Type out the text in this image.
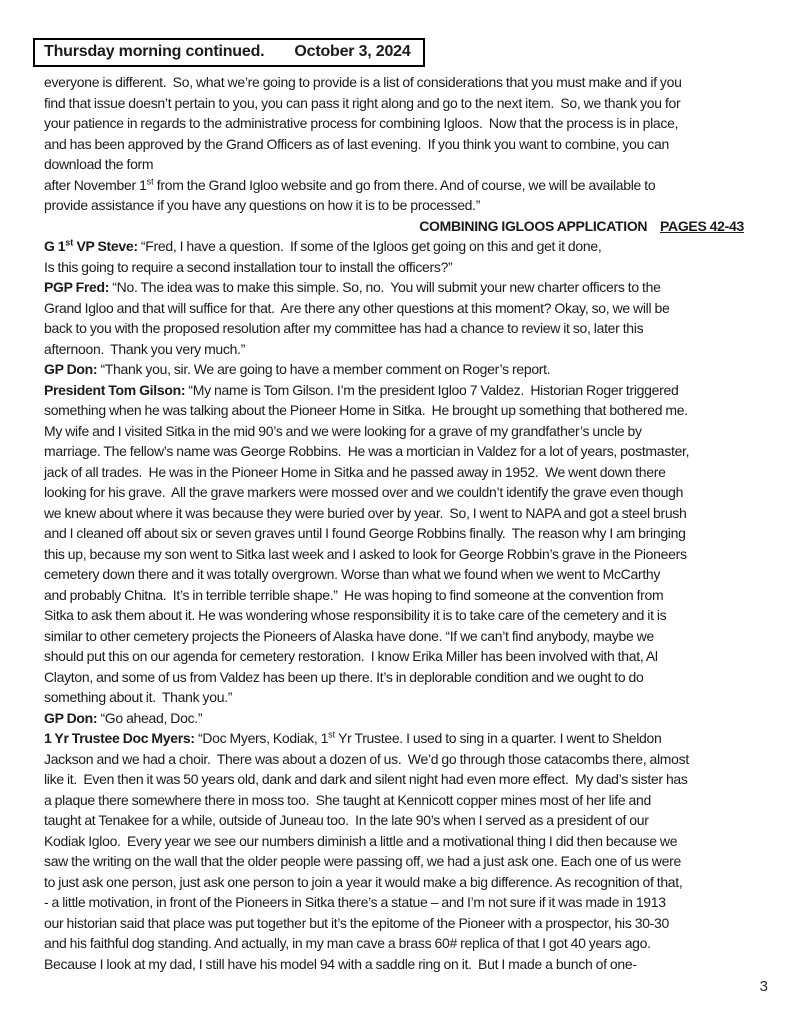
Thursday morning continued. October 3, 2024
everyone is different.  So, what we’re going to provide is a list of considerations that you must make and if you
find that issue doesn’t pertain to you, you can pass it right along and go to the next item.  So, we thank you for
your patience in regards to the administrative process for combining Igloos.  Now that the process is in place,
and has been approved by the Grand Officers as of last evening.  If you think you want to combine, you can
download the form
after November 1st from the Grand Igloo website and go from there. And of course, we will be available to
provide assistance if you have any questions on how it is to be processed.”
COMBINING IGLOOS APPLICATION PAGES 42-43
G 1st VP Steve: “Fred, I have a question.  If some of the Igloos get going on this and get it done,
Is this going to require a second installation tour to install the officers?”
PGP Fred: “No. The idea was to make this simple. So, no.  You will submit your new charter officers to the
Grand Igloo and that will suffice for that.  Are there any other questions at this moment? Okay, so, we will be
back to you with the proposed resolution after my committee has had a chance to review it so, later this
afternoon.  Thank you very much.”
GP Don: “Thank you, sir. We are going to have a member comment on Roger’s report.
President Tom Gilson: “My name is Tom Gilson. I’m the president Igloo 7 Valdez.  Historian Roger triggered
something when he was talking about the Pioneer Home in Sitka.  He brought up something that bothered me.
My wife and I visited Sitka in the mid 90’s and we were looking for a grave of my grandfather’s uncle by
marriage. The fellow’s name was George Robbins.  He was a mortician in Valdez for a lot of years, postmaster,
jack of all trades.  He was in the Pioneer Home in Sitka and he passed away in 1952.  We went down there
looking for his grave.  All the grave markers were mossed over and we couldn’t identify the grave even though
we knew about where it was because they were buried over by year.  So, I went to NAPA and got a steel brush
and I cleaned off about six or seven graves until I found George Robbins finally.  The reason why I am bringing
this up, because my son went to Sitka last week and I asked to look for George Robbin’s grave in the Pioneers
cemetery down there and it was totally overgrown. Worse than what we found when we went to McCarthy
and probably Chitna.  It’s in terrible terrible shape.”  He was hoping to find someone at the convention from
Sitka to ask them about it. He was wondering whose responsibility it is to take care of the cemetery and it is
similar to other cemetery projects the Pioneers of Alaska have done. “If we can’t find anybody, maybe we
should put this on our agenda for cemetery restoration.  I know Erika Miller has been involved with that, Al
Clayton, and some of us from Valdez has been up there. It’s in deplorable condition and we ought to do
something about it.  Thank you.”
GP Don: “Go ahead, Doc.”
1 Yr Trustee Doc Myers: “Doc Myers, Kodiak, 1st Yr Trustee. I used to sing in a quarter. I went to Sheldon
Jackson and we had a choir.  There was about a dozen of us.  We’d go through those catacombs there, almost
like it.  Even then it was 50 years old, dank and dark and silent night had even more effect.  My dad’s sister has
a plaque there somewhere there in moss too.  She taught at Kennicott copper mines most of her life and
taught at Tenakee for a while, outside of Juneau too.  In the late 90’s when I served as a president of our
Kodiak Igloo.  Every year we see our numbers diminish a little and a motivational thing I did then because we
saw the writing on the wall that the older people were passing off, we had a just ask one. Each one of us were
to just ask one person, just ask one person to join a year it would make a big difference. As recognition of that,
- a little motivation, in front of the Pioneers in Sitka there’s a statue – and I’m not sure if it was made in 1913
our historian said that place was put together but it’s the epitome of the Pioneer with a prospector, his 30-30
and his faithful dog standing. And actually, in my man cave a brass 60# replica of that I got 40 years ago.
Because I look at my dad, I still have his model 94 with a saddle ring on it.  But I made a bunch of one-
3
